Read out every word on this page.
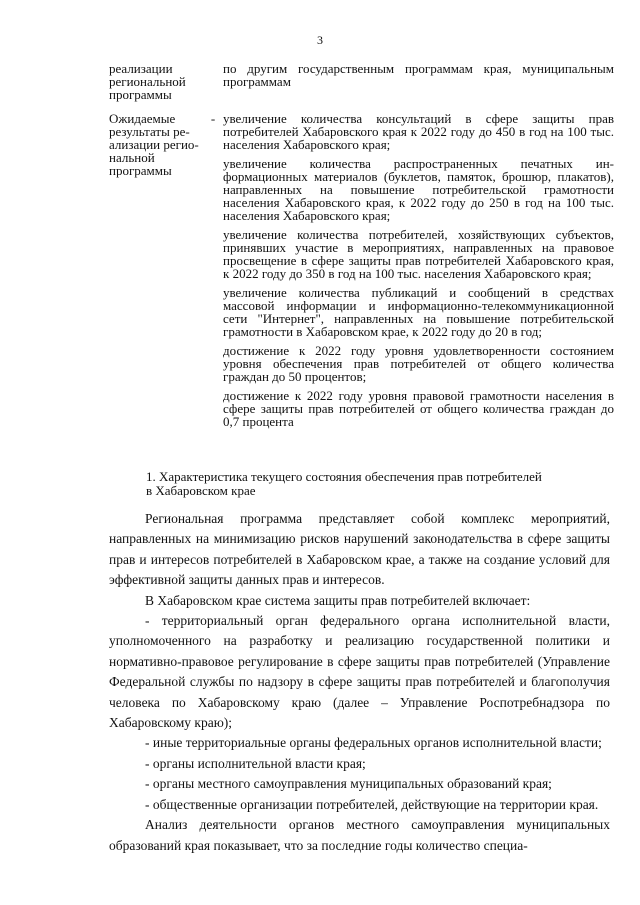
3
реализации региональной программы
по другим государственным программам края, муниципальным программам
Ожидаемые результаты реализации региональной программы
- увеличение количества консультаций в сфере защиты прав потребителей Хабаровского края к 2022 году до 450 в год на 100 тыс. населения Хабаровского края;
увеличение количества распространенных печатных информационных материалов (буклетов, памяток, брошюр, плакатов), направленных на повышение потребительской грамотности населения Хабаровского края, к 2022 году до 250 в год на 100 тыс. населения Хабаровского края;
увеличение количества потребителей, хозяйствующих субъектов, принявших участие в мероприятиях, направленных на правовое просвещение в сфере защиты прав потребителей Хабаровского края, к 2022 году до 350 в год на 100 тыс. населения Хабаровского края;
увеличение количества публикаций и сообщений в средствах массовой информации и информационно-телекоммуникационной сети "Интернет", направленных на повышение потребительской грамотности в Хабаровском крае, к 2022 году до 20 в год;
достижение к 2022 году уровня удовлетворенности состоянием уровня обеспечения прав потребителей от общего количества граждан до 50 процентов;
достижение к 2022 году уровня правовой грамотности населения в сфере защиты прав потребителей от общего количества граждан до 0,7 процента
1. Характеристика текущего состояния обеспечения прав потребителей
в Хабаровском крае

Региональная программа представляет собой комплекс мероприятий, направленных на минимизацию рисков нарушений законодательства в сфере защиты прав и интересов потребителей в Хабаровском крае, а также на создание условий для эффективной защиты данных прав и интересов.

В Хабаровском крае система защиты прав потребителей включает:

- территориальный орган федерального органа исполнительной власти, уполномоченного на разработку и реализацию государственной политики и нормативно-правовое регулирование в сфере защиты прав потребителей (Управление Федеральной службы по надзору в сфере защиты прав потребителей и благополучия человека по Хабаровскому краю (далее – Управление Роспотребнадзора по Хабаровскому краю);

- иные территориальные органы федеральных органов исполнительной власти;

- органы исполнительной власти края;

- органы местного самоуправления муниципальных образований края;

- общественные организации потребителей, действующие на территории края.

Анализ деятельности органов местного самоуправления муниципальных образований края показывает, что за последние годы количество специа-
